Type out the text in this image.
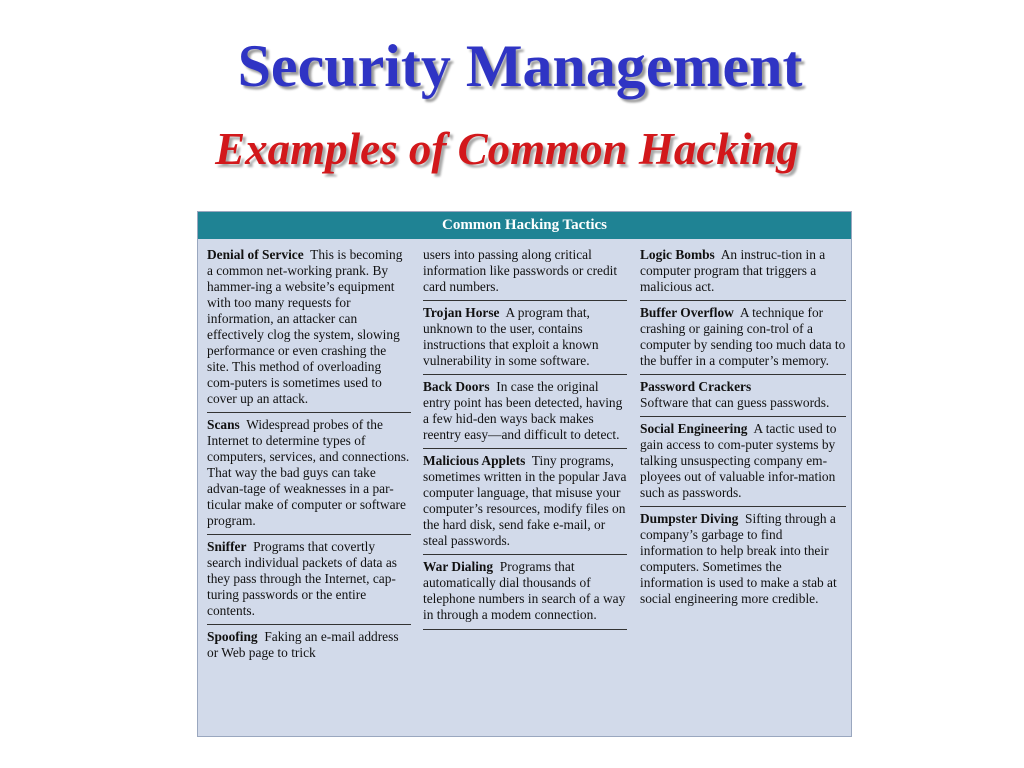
Security Management
Examples of Common Hacking
Common Hacking Tactics
Denial of Service This is becoming a common net-working prank. By hammer-ing a website’s equipment with too many requests for information, an attacker can effectively clog the system, slowing performance or even crashing the site. This method of overloading com-puters is sometimes used to cover up an attack.
Scans Widespread probes of the Internet to determine types of computers, services, and connections. That way the bad guys can take advan-tage of weaknesses in a par-ticular make of computer or software program.
Sniffer Programs that covertly search individual packets of data as they pass through the Internet, cap-turing passwords or the entire contents.
Spoofing Faking an e-mail address or Web page to trick
users into passing along critical information like passwords or credit card numbers.
Trojan Horse A program that, unknown to the user, contains instructions that exploit a known vulnerability in some software.
Back Doors In case the original entry point has been detected, having a few hid-den ways back makes reentry easy—and difficult to detect.
Malicious Applets Tiny programs, sometimes written in the popular Java computer language, that misuse your computer’s resources, modify files on the hard disk, send fake e-mail, or steal passwords.
War Dialing Programs that automatically dial thousands of telephone numbers in search of a way in through a modem connection.
Logic Bombs An instruc-tion in a computer program that triggers a malicious act.
Buffer Overflow A technique for crashing or gaining con-trol of a computer by sending too much data to the buffer in a computer’s memory.
Password Crackers
Software that can guess passwords.
Social Engineering A tactic used to gain access to com-puter systems by talking unsuspecting company em-ployees out of valuable infor-mation such as passwords.
Dumpster Diving Sifting through a company’s garbage to find information to help break into their computers. Sometimes the information is used to make a stab at social engineering more credible.
